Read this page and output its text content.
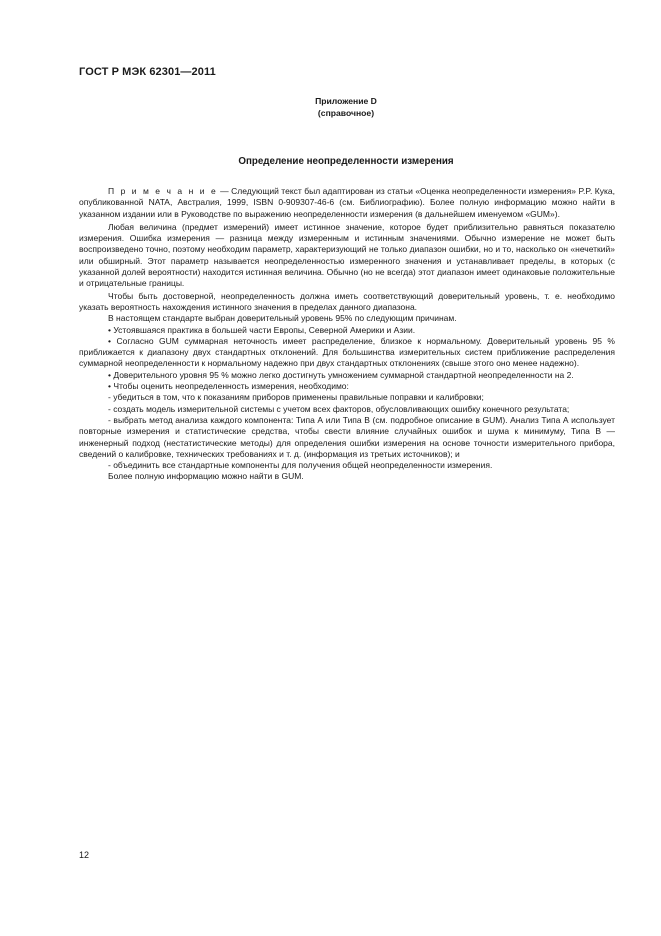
ГОСТ Р МЭК 62301—2011
Приложение D
(справочное)
Определение неопределенности измерения

П р и м е ч а н и е — Следующий текст был адаптирован из статьи «Оценка неопределенности измерения» P.P. Кука, опубликованной NATA, Австралия, 1999, ISBN 0-909307-46-6 (см. Библиографию). Более полную информацию можно найти в указанном издании или в Руководстве по выражению неопределенности измерения (в дальнейшем именуемом «GUM»).

Любая величина (предмет измерений) имеет истинное значение, которое будет приблизительно равняться показателю измерения. Ошибка измерения — разница между измеренным и истинным значениями. Обычно измерение не может быть воспроизведено точно, поэтому необходим параметр, характеризующий не только диапазон ошибки, но и то, насколько он «нечеткий» или обширный. Этот параметр называется неопределенностью измеренного значения и устанавливает пределы, в которых (с указанной долей вероятности) находится истинная величина. Обычно (но не всегда) этот диапазон имеет одинаковые положительные и отрицательные границы.

Чтобы быть достоверной, неопределенность должна иметь соответствующий доверительный уровень, т. е. необходимо указать вероятность нахождения истинного значения в пределах данного диапазона.

В настоящем стандарте выбран доверительный уровень 95% по следующим причинам.

• Устоявшаяся практика в большей части Европы, Северной Америки и Азии.

• Согласно GUM суммарная неточность имеет распределение, близкое к нормальному. Доверительный уровень 95 % приближается к диапазону двух стандартных отклонений. Для большинства измерительных систем приближение распределения суммарной неопределенности к нормальному надежно при двух стандартных отклонениях (свыше этого оно менее надежно).

• Доверительного уровня 95 % можно легко достигнуть умножением суммарной стандартной неопределенности на 2.

• Чтобы оценить неопределенность измерения, необходимо:

- убедиться в том, что к показаниям приборов применены правильные поправки и калибровки;

- создать модель измерительной системы с учетом всех факторов, обусловливающих ошибку конечного результата;

- выбрать метод анализа каждого компонента: Типа А или Типа В (см. подробное описание в GUM). Анализ Типа А использует повторные измерения и статистические средства, чтобы свести влияние случайных ошибок и шума к минимуму, Типа В — инженерный подход (нестатистические методы) для определения ошибки измерения на основе точности измерительного прибора, сведений о калибровке, технических требованиях и т. д. (информация из третьих источников); и

- объединить все стандартные компоненты для получения общей неопределенности измерения.

Более полную информацию можно найти в GUM.

12
